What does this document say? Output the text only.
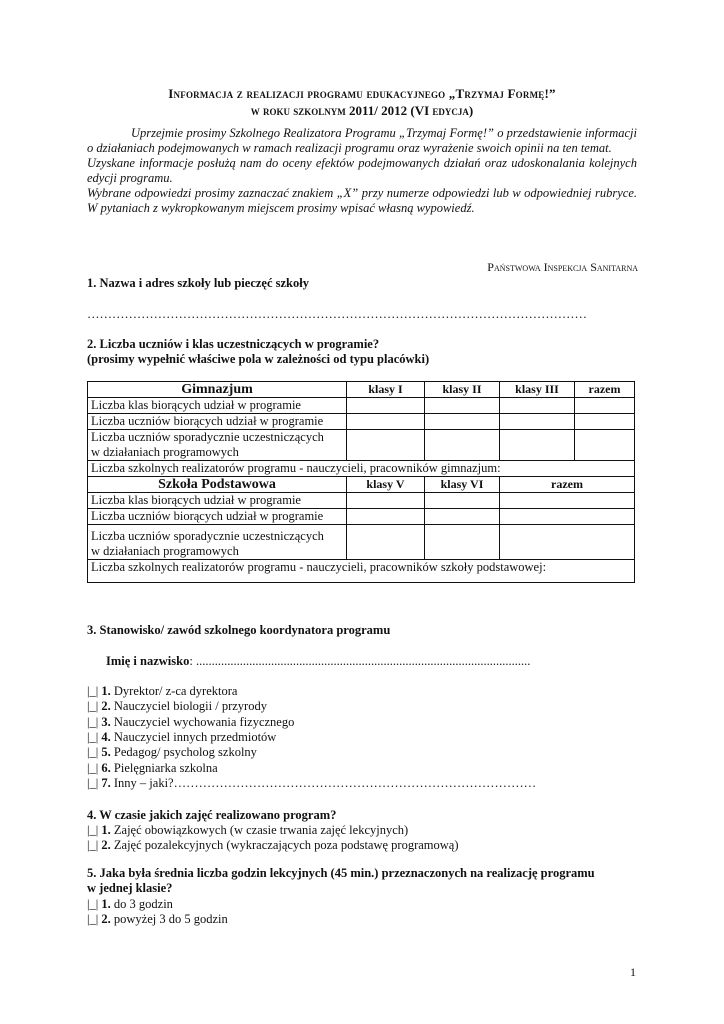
Informacja z realizacji programu edukacyjnego „Trzymaj Formę!”
w roku szkolnym 2011/ 2012 (VI edycja)

Uprzejmie prosimy Szkolnego Realizatora Programu „Trzymaj Formę!” o przedstawienie informacji o działaniach podejmowanych w ramach realizacji programu oraz wyrażenie swoich opinii na ten temat.

Uzyskane informacje posłużą nam do oceny efektów podejmowanych działań oraz udoskonalania kolejnych edycji programu.

Wybrane odpowiedzi prosimy zaznaczać znakiem „X” przy numerze odpowiedzi lub w odpowiedniej rubryce. W pytaniach z wykropkowanym miejscem prosimy wpisać własną wypowiedź.

Państwowa Inspekcja Sanitarna
1. Nazwa i adres szkoły lub pieczęć szkoły
…………………………………………………………………………………………………………
2. Liczba uczniów i klas uczestniczących w programie?
(prosimy wypełnić właściwe pola w zależności od typu placówki)
Gimnazjum	klasy I	klasy II	klasy III	razem
Liczba klas biorących udział w programie				
Liczba uczniów biorących udział w programie				

Liczba uczniów sporadycznie uczestniczących
w działaniach programowych				

Liczba szkolnych realizatorów programu - nauczycieli, pracowników gimnazjum:				
Szkoła Podstawowa	klasy V	klasy VI	razem	
Liczba klas biorących udział w programie				
Liczba uczniów biorących udział w programie				

Liczba uczniów sporadycznie uczestniczących
w działaniach programowych				

Liczba szkolnych realizatorów programu - nauczycieli, pracowników szkoły podstawowej:				
3. Stanowisko/ zawód szkolnego koordynatora programu
Imię i nazwisko: ...........................................................................................................
|_| 1. Dyrektor/ z-ca dyrektora
|_| 2. Nauczyciel biologii / przyrody
|_| 3. Nauczyciel wychowania fizycznego
|_| 4. Nauczyciel innych przedmiotów
|_| 5. Pedagog/ psycholog szkolny
|_| 6. Pielęgniarka szkolna
|_| 7. Inny – jaki?……………………………………………………………………………
4. W czasie jakich zajęć realizowano program?
|_| 1. Zajęć obowiązkowych (w czasie trwania zajęć lekcyjnych)
|_| 2. Zajęć pozalekcyjnych (wykraczających poza podstawę programową)
5. Jaka była średnia liczba godzin lekcyjnych (45 min.) przeznaczonych na realizację programu
w jednej klasie?
|_| 1. do 3 godzin
|_| 2. powyżej 3 do 5 godzin
1
